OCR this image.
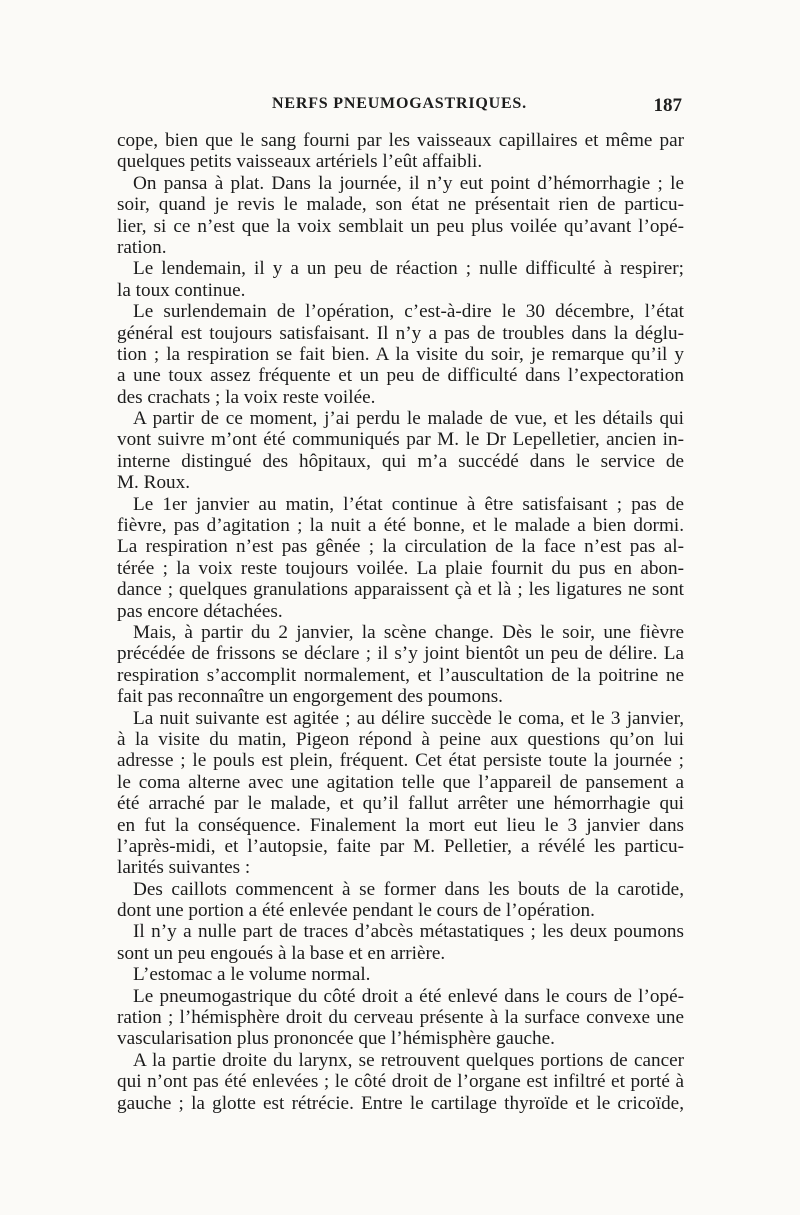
NERFS PNEUMOGASTRIQUES.	187
cope, bien que le sang fourni par les vaisseaux capillaires et même par
quelques petits vaisseaux artériels l’eût affaibli.
On pansa à plat. Dans la journée, il n’y eut point d’hémorrhagie ; le
soir, quand je revis le malade, son état ne présentait rien de particu-
lier, si ce n’est que la voix semblait un peu plus voilée qu’avant l’opé-
ration.
Le lendemain, il y a un peu de réaction ; nulle difficulté à respirer;
la toux continue.
Le surlendemain de l’opération, c’est-à-dire le 30 décembre, l’état
général est toujours satisfaisant. Il n’y a pas de troubles dans la déglu-
tion ; la respiration se fait bien. A la visite du soir, je remarque qu’il y
a une toux assez fréquente et un peu de difficulté dans l’expectoration
des crachats ; la voix reste voilée.
A partir de ce moment, j’ai perdu le malade de vue, et les détails qui
vont suivre m’ont été communiqués par M. le Dr Lepelletier, ancien in-
interne distingué des hôpitaux, qui m’a succédé dans le service de
M. Roux.
Le 1er janvier au matin, l’état continue à être satisfaisant ; pas de
fièvre, pas d’agitation ; la nuit a été bonne, et le malade a bien dormi.
La respiration n’est pas gênée ; la circulation de la face n’est pas al-
térée ; la voix reste toujours voilée. La plaie fournit du pus en abon-
dance ; quelques granulations apparaissent çà et là ; les ligatures ne sont
pas encore détachées.
Mais, à partir du 2 janvier, la scène change. Dès le soir, une fièvre
précédée de frissons se déclare ; il s’y joint bientôt un peu de délire. La
respiration s’accomplit normalement, et l’auscultation de la poitrine ne
fait pas reconnaître un engorgement des poumons.
La nuit suivante est agitée ; au délire succède le coma, et le 3 janvier,
à la visite du matin, Pigeon répond à peine aux questions qu’on lui
adresse ; le pouls est plein, fréquent. Cet état persiste toute la journée ;
le coma alterne avec une agitation telle que l’appareil de pansement a
été arraché par le malade, et qu’il fallut arrêter une hémorrhagie qui
en fut la conséquence. Finalement la mort eut lieu le 3 janvier dans
l’après-midi, et l’autopsie, faite par M. Pelletier, a révélé les particu-
larités suivantes :
Des caillots commencent à se former dans les bouts de la carotide,
dont une portion a été enlevée pendant le cours de l’opération.
Il n’y a nulle part de traces d’abcès métastatiques ; les deux poumons
sont un peu engoués à la base et en arrière.
L’estomac a le volume normal.
Le pneumogastrique du côté droit a été enlevé dans le cours de l’opé-
ration ; l’hémisphère droit du cerveau présente à la surface convexe une
vascularisation plus prononcée que l’hémisphère gauche.
A la partie droite du larynx, se retrouvent quelques portions de cancer
qui n’ont pas été enlevées ; le côté droit de l’organe est infiltré et porté à
gauche ; la glotte est rétrécie. Entre le cartilage thyroïde et le cricoïde,
